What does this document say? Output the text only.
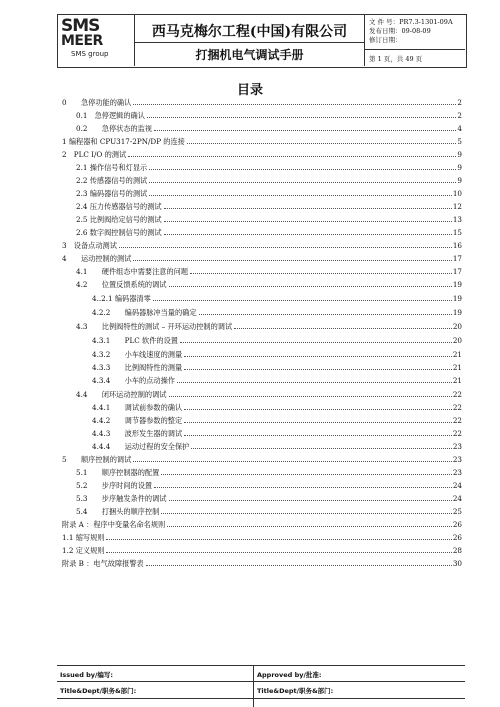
SMS
MEER
SMS group
西马克梅尔工程(中国)有限公司
打捆机电气调试手册
文 件 号：PR7.3-1301-09A
发布日期：09-08-09
修订日期：
第 1 页，共 49 页
目录
0　　急停功能的确认	2
0.1　急停逻辑的确认	2
0.2　　急停状态的监视	4
1 编程器和 CPU317-2PN/DP 的连接	5
2　PLC I/O 的测试	9
2.1 操作信号和灯显示	9
2.2 传感器信号的测试	9
2.3 编码器信号的测试	10
2.4 压力传感器信号的测试	12
2.5 比例阀给定信号的测试	13
2.6 数字阀控制信号的测试	15
3　设备点动测试	16
4　　运动控制的测试	17
4.1　　硬件组态中需要注意的问题	17
4.2　　位置反馈系统的调试	19
4..2.1 编码器清零	19
4.2.2　　编码器脉冲当量的确定	19
4.3　　比例阀特性的测试 – 开环运动控制的调试	20
4.3.1　　PLC 软件的设置	20
4.3.2　　小车线速度的测量	21
4.3.3　　比例阀特性的测量	21
4.3.4　　小车的点动操作	21
4.4　　闭环运动控制的调试	22
4.4.1　　调试前参数的确认	22
4.4.2　　调节器参数的整定	22
4.4.3　　波形发生器的调试	22
4.4.4　　运动过程的安全保护	23
5　　顺序控制的调试	23
5.1　　顺序控制器的配置	23
5.2　　步序时间的设置	24
5.3　　步序触发条件的调试	24
5.4　　打捆头的顺序控制	25
附录 A ：程序中变量名命名规则	26
1.1 缩写规则	26
1.2 定义规则	28
附录 B ：电气故障报警表	30
Issued by/编写:	Approved by/批准:
Title&Dept/职务&部门:	Title&Dept/职务&部门:
